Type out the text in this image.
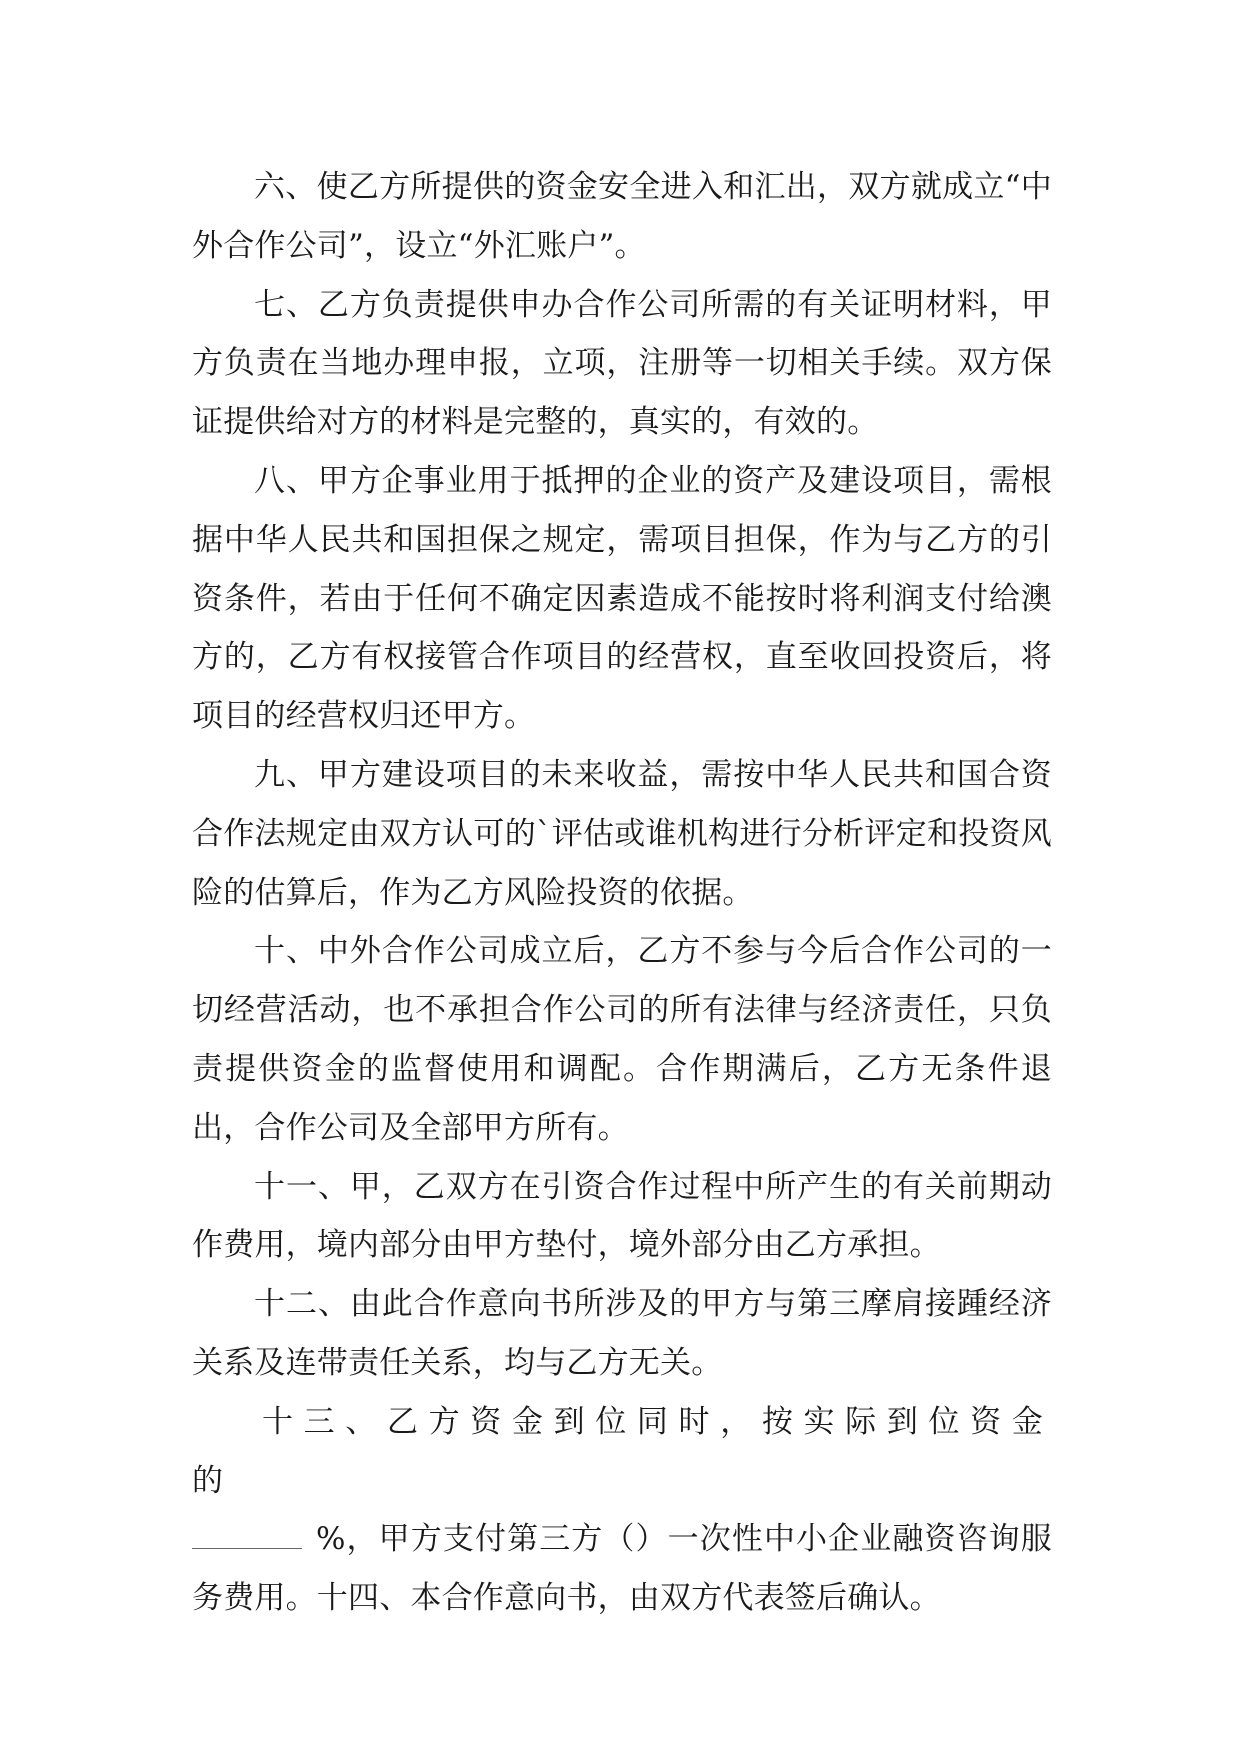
六、使乙方所提供的资金安全进入和汇出，双方就成立“中外合作公司”，设立“外汇账户”。

七、乙方负责提供申办合作公司所需的有关证明材料，甲方负责在当地办理申报，立项，注册等一切相关手续。双方保证提供给对方的材料是完整的，真实的，有效的。

八、甲方企事业用于抵押的企业的资产及建设项目，需根据中华人民共和国担保之规定，需项目担保，作为与乙方的引资条件，若由于任何不确定因素造成不能按时将利润支付给澳方的，乙方有权接管合作项目的经营权，直至收回投资后，将项目的经营权归还甲方。

九、甲方建设项目的未来收益，需按中华人民共和国合资合作法规定由双方认可的`评估或谁机构进行分析评定和投资风险的估算后，作为乙方风险投资的依据。

十、中外合作公司成立后，乙方不参与今后合作公司的一切经营活动，也不承担合作公司的所有法律与经济责任，只负责提供资金的监督使用和调配。合作期满后，乙方无条件退出，合作公司及全部甲方所有。

十一、甲，乙双方在引资合作过程中所产生的有关前期动作费用，境内部分由甲方垫付，境外部分由乙方承担。

十二、由此合作意向书所涉及的甲方与第三摩肩接踵经济关系及连带责任关系，均与乙方无关。

十三、乙方资金到位同时，按实际到位资金的

%，甲方支付第三方（）一次性中小企业融资咨询服务费用。十四、本合作意向书，由双方代表签后确认。
